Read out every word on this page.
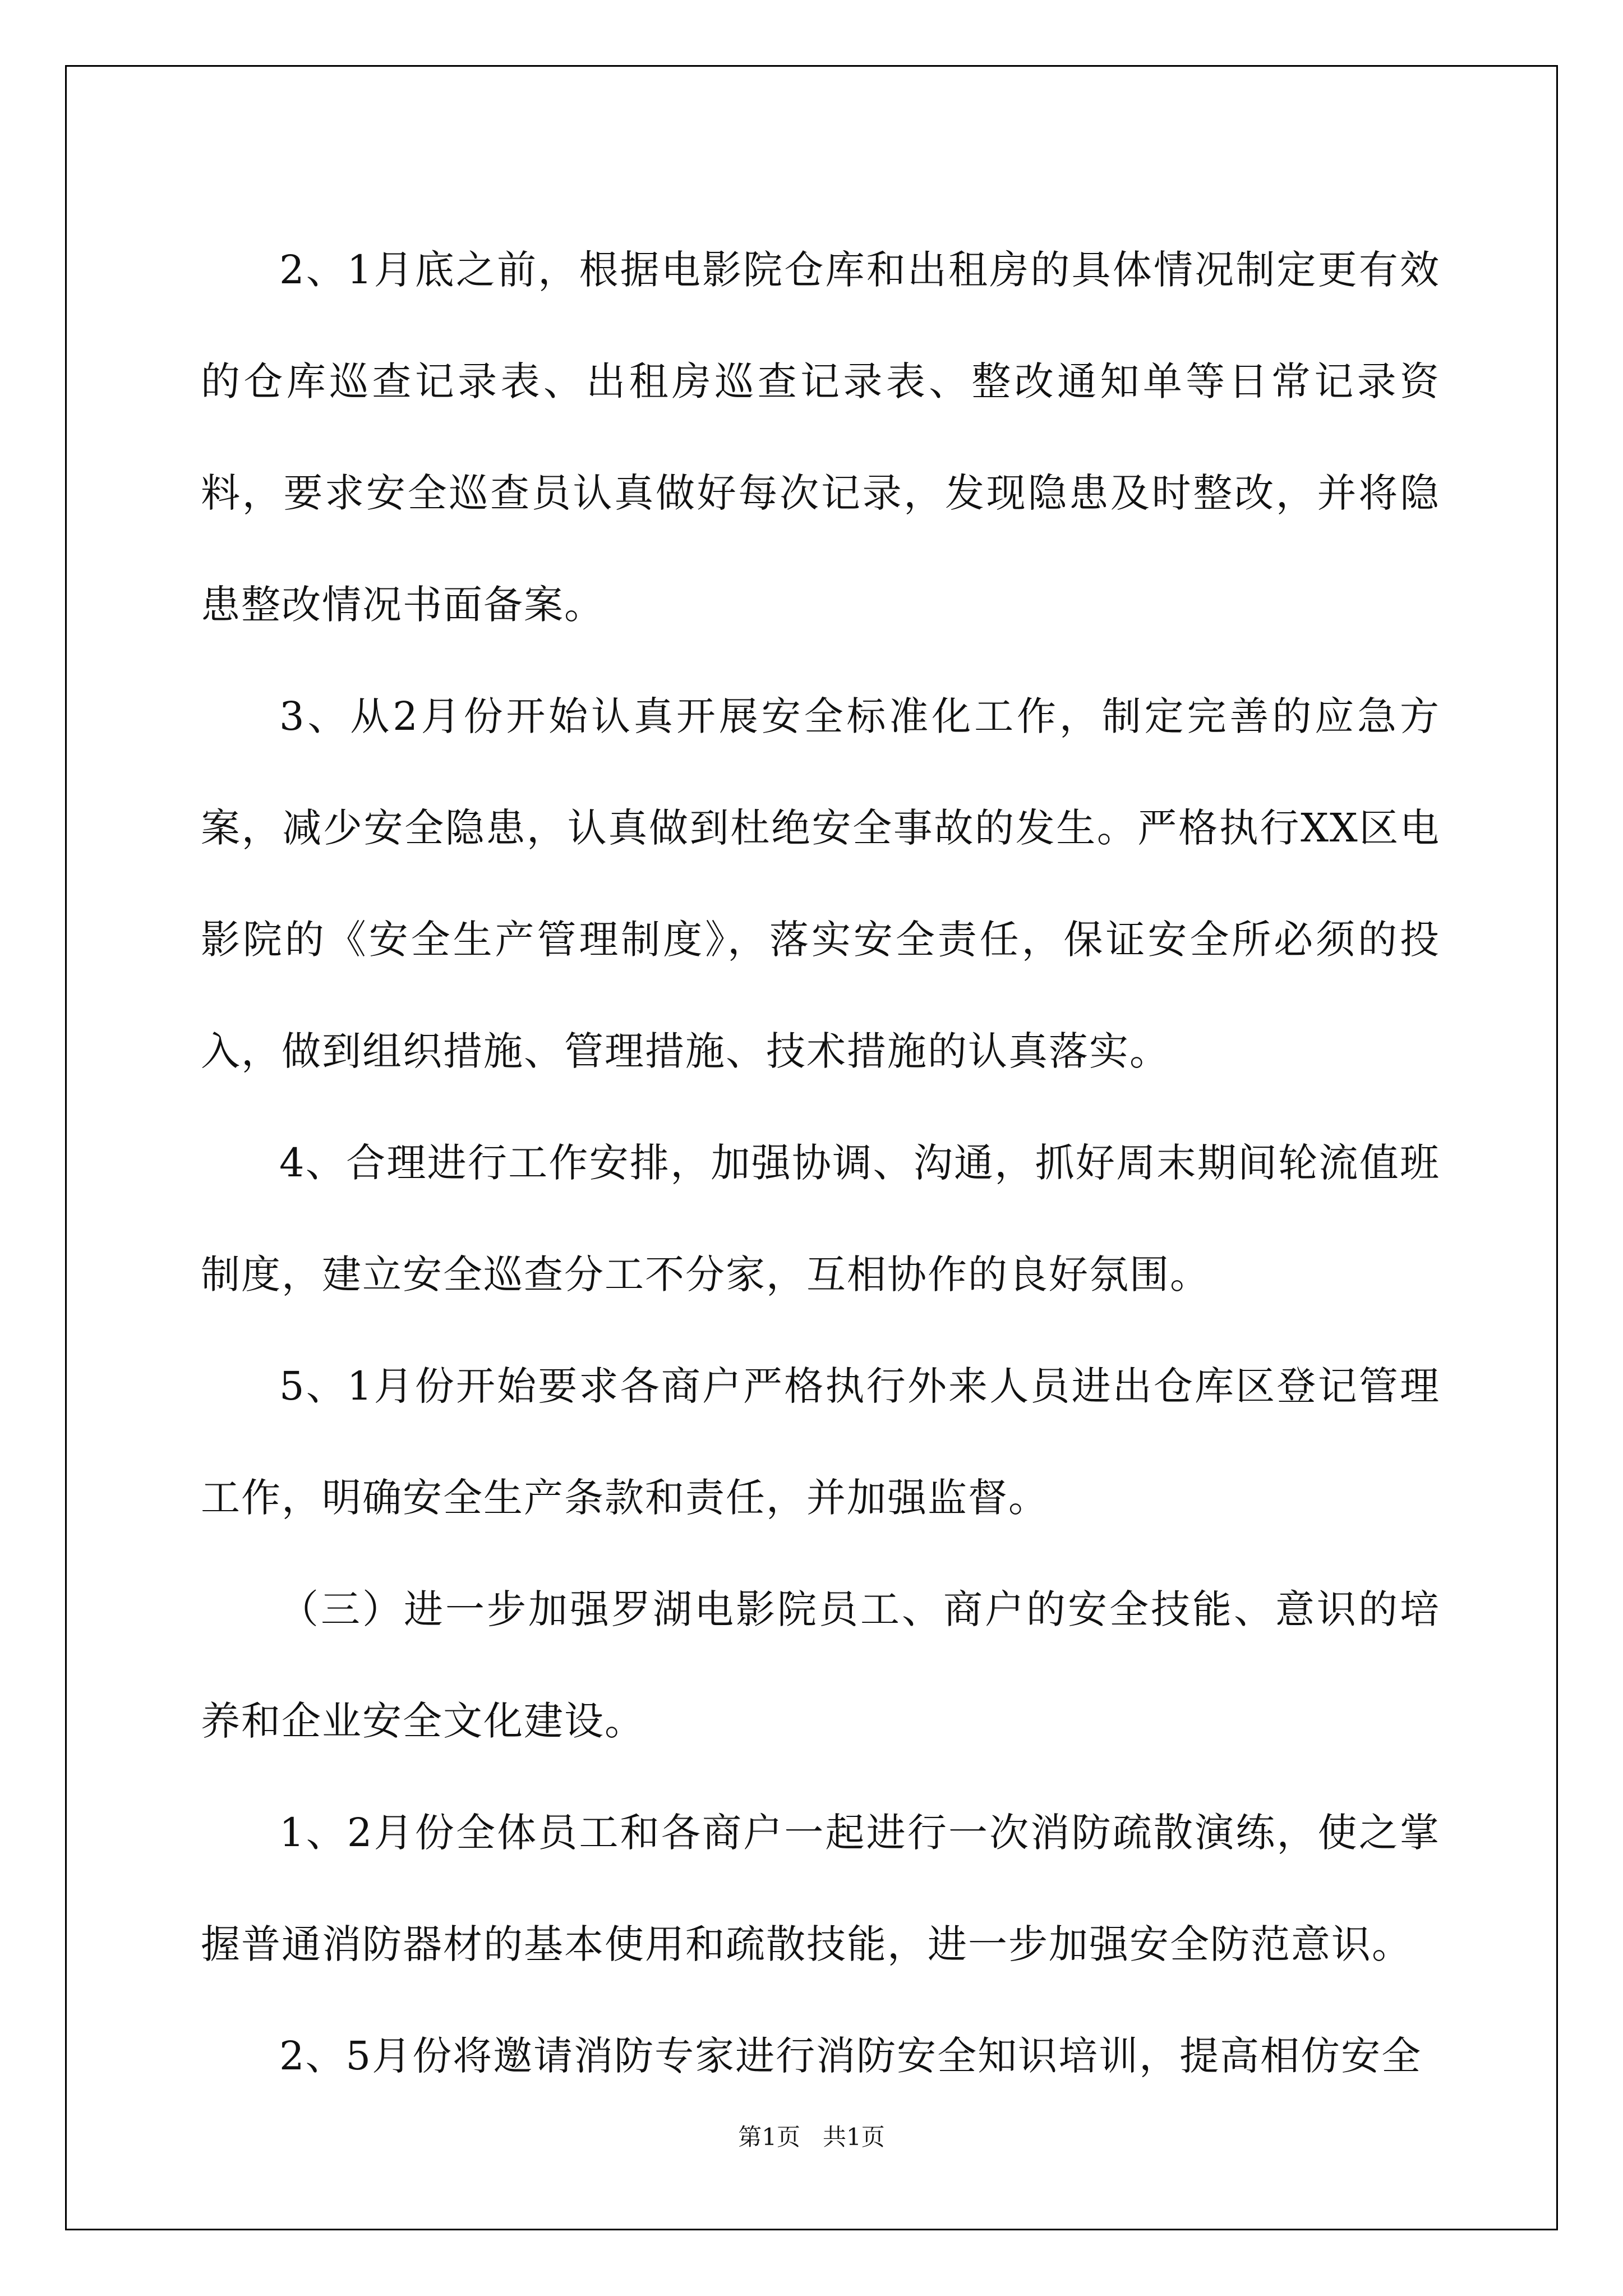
2、1月底之前，根据电影院仓库和出租房的具体情况制定更有效的仓库巡查记录表、出租房巡查记录表、整改通知单等日常记录资料，要求安全巡查员认真做好每次记录，发现隐患及时整改，并将隐患整改情况书面备案。

3、从2月份开始认真开展安全标准化工作，制定完善的应急方案，减少安全隐患，认真做到杜绝安全事故的发生。严格执行XX区电影院的《安全生产管理制度》，落实安全责任，保证安全所必须的投入，做到组织措施、管理措施、技术措施的认真落实。

4、合理进行工作安排，加强协调、沟通，抓好周末期间轮流值班制度，建立安全巡查分工不分家，互相协作的良好氛围。

5、1月份开始要求各商户严格执行外来人员进出仓库区登记管理工作，明确安全生产条款和责任，并加强监督。

（三）进一步加强罗湖电影院员工、商户的安全技能、意识的培养和企业安全文化建设。

1、2月份全体员工和各商户一起进行一次消防疏散演练，使之掌握普通消防器材的基本使用和疏散技能，进一步加强安全防范意识。

2、5月份将邀请消防专家进行消防安全知识培训，提高相仿安全

第1页 共1页
